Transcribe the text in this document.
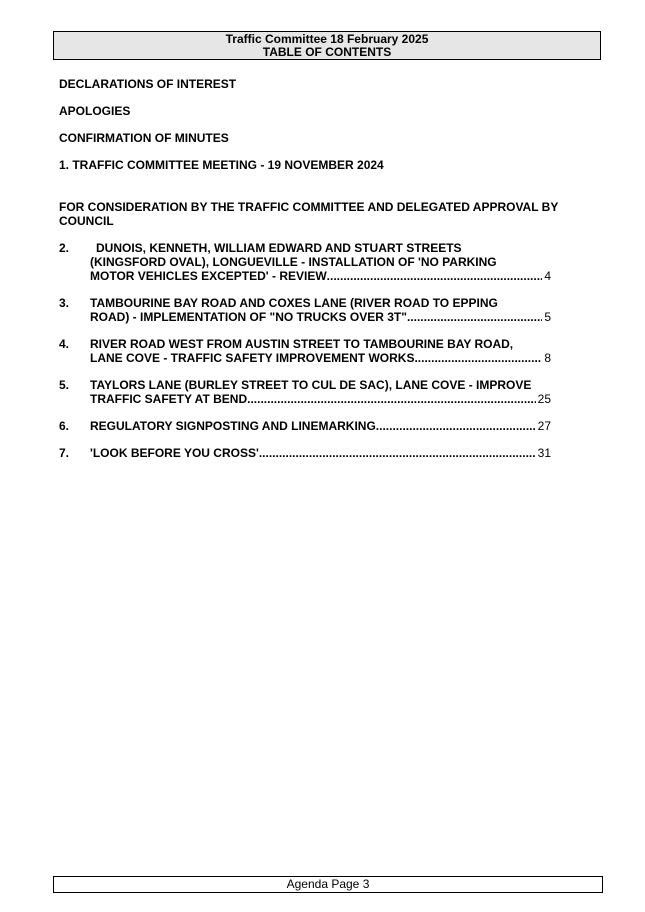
Traffic Committee 18 February 2025
TABLE OF CONTENTS
DECLARATIONS OF INTEREST
APOLOGIES
CONFIRMATION OF MINUTES
1. TRAFFIC COMMITTEE MEETING - 19 NOVEMBER 2024
FOR CONSIDERATION BY THE TRAFFIC COMMITTEE AND DELEGATED APPROVAL BY
COUNCIL
2.	DUNOIS, KENNETH, WILLIAM EDWARD AND STUART STREETS
(KINGSFORD OVAL), LONGUEVILLE - INSTALLATION OF 'NO PARKING
MOTOR VEHICLES EXCEPTED' - REVIEW .....	4
3. TAMBOURINE BAY ROAD AND COXES LANE (RIVER ROAD TO EPPING
ROAD) - IMPLEMENTATION OF "NO TRUCKS OVER 3T" .....	5
4. RIVER ROAD WEST FROM AUSTIN STREET TO TAMBOURINE BAY ROAD,
LANE COVE - TRAFFIC SAFETY IMPROVEMENT WORKS .....	8
5. TAYLORS LANE (BURLEY STREET TO CUL DE SAC), LANE COVE - IMPROVE
TRAFFIC SAFETY AT BEND .....	25
6. REGULATORY SIGNPOSTING AND LINEMARKING .....	27
7. 'LOOK BEFORE YOU CROSS' .....	31
Agenda Page 3
